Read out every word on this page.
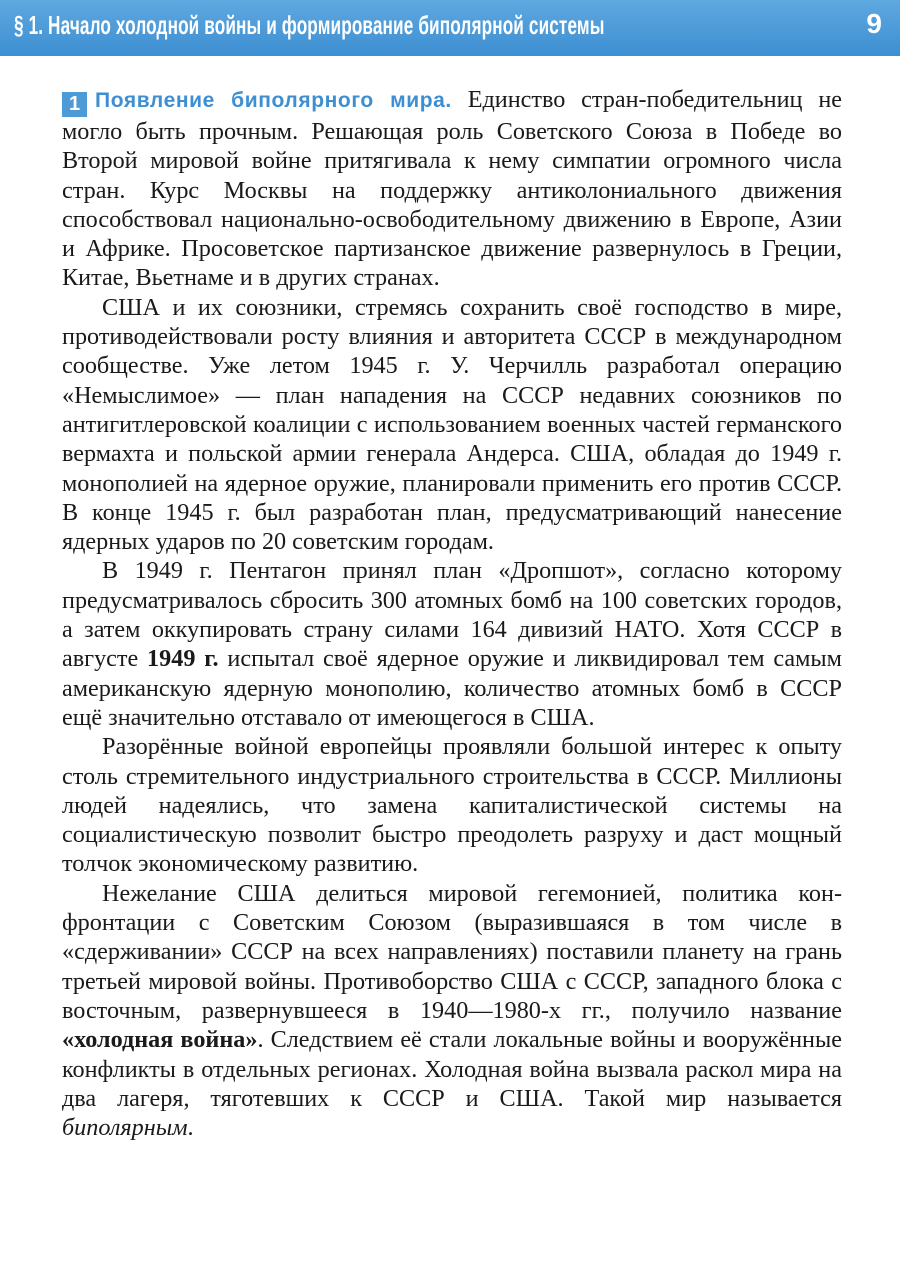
§ 1. Начало холодной войны и формирование биполярной системы	9

1 Появление биполярного мира. Единство стран-победительниц не могло быть прочным. Решающая роль Советского Союза в Победе во Второй мировой войне притягивала к нему симпатии огромного числа стран. Курс Москвы на поддержку антиколониального движения способствовал национально-освободительному движению в Европе, Азии и Африке. Просоветское партизанское движение развернулось в Греции, Китае, Вьетнаме и в других странах.

США и их союзники, стремясь сохранить своё господство в мире, противодействовали росту влияния и авторитета СССР в международном сообществе. Уже летом 1945 г. У. Черчилль разработал операцию «Немыслимое» — план нападения на СССР недавних союзников по антигитлеровской коалиции с использованием военных частей германского вермахта и польской армии генерала Андерса. США, обладая до 1949 г. монополией на ядерное оружие, планировали применить его против СССР. В конце 1945 г. был разработан план, предусматривающий нанесение ядерных ударов по 20 советским городам.

В 1949 г. Пентагон принял план «Дропшот», согласно которому предусматривалось сбросить 300 атомных бомб на 100 советских городов, а затем оккупировать страну силами 164 дивизий НАТО. Хотя СССР в августе 1949 г. испытал своё ядерное оружие и ликвидировал тем самым американскую ядерную монополию, количество атомных бомб в СССР ещё значительно отставало от имеющегося в США.

Разорённые войной европейцы проявляли большой интерес к опыту столь стремительного индустриального строительства в СССР. Миллионы людей надеялись, что замена капиталистической системы на социалистическую позволит быстро преодолеть разруху и даст мощный толчок экономическому развитию.

Нежелание США делиться мировой гегемонией, политика конфронтации с Советским Союзом (выразившаяся в том числе в «сдерживании» СССР на всех направлениях) поставили планету на грань третьей мировой войны. Противоборство США с СССР, западного блока с восточным, развернувшееся в 1940—1980-х гг., получило название «холодная война». Следствием её стали локальные войны и вооружённые конфликты в отдельных регионах. Холодная война вызвала раскол мира на два лагеря, тяготевших к СССР и США. Такой мир называется биполярным.
